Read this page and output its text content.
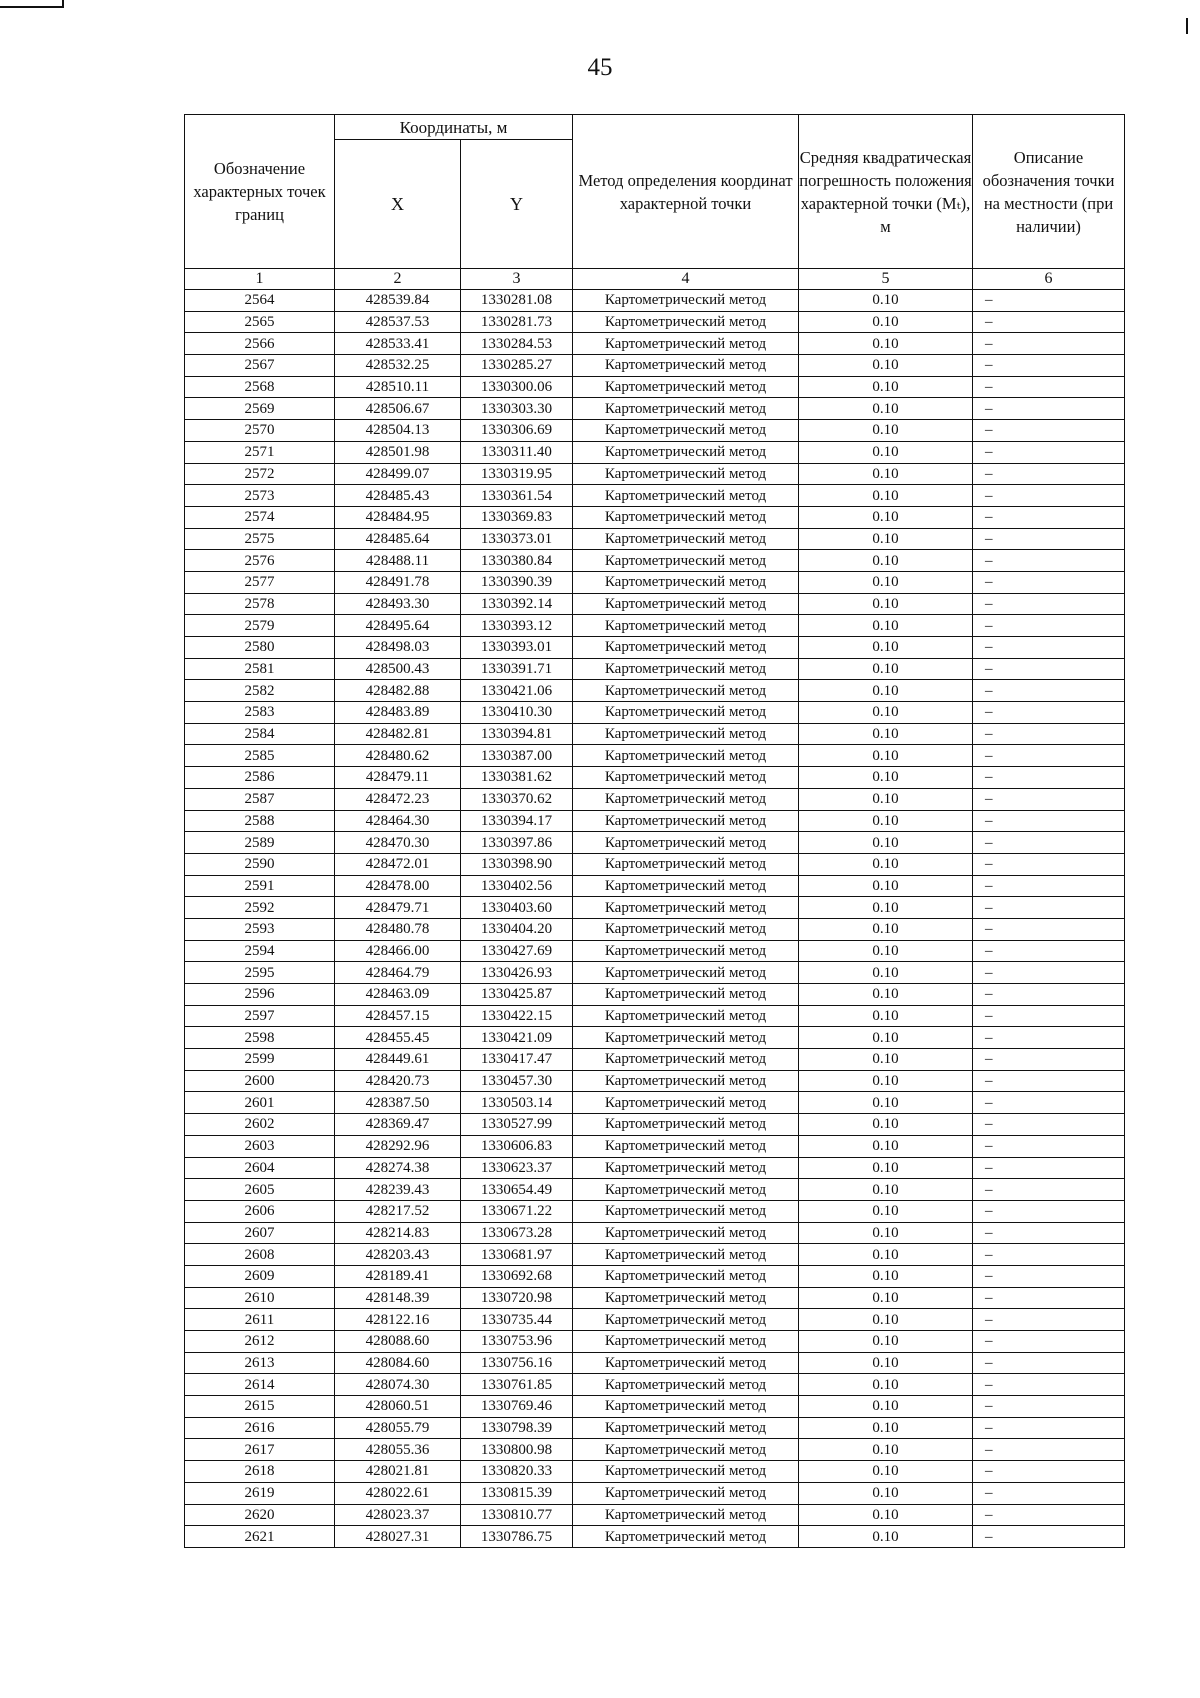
45
Обозначение характерных точек границ	Координаты, м		Метод определения координат характерной точки	Средняя квадратическая погрешность положения характерной точки (Mₜ), м	Описание обозначения точки на местности (при наличии)
	X	Y			
1	2	3	4	5	6
2564	428539.84	1330281.08	Картометрический метод	0.10	–
2565	428537.53	1330281.73	Картометрический метод	0.10	–
2566	428533.41	1330284.53	Картометрический метод	0.10	–
2567	428532.25	1330285.27	Картометрический метод	0.10	–
2568	428510.11	1330300.06	Картометрический метод	0.10	–
2569	428506.67	1330303.30	Картометрический метод	0.10	–
2570	428504.13	1330306.69	Картометрический метод	0.10	–
2571	428501.98	1330311.40	Картометрический метод	0.10	–
2572	428499.07	1330319.95	Картометрический метод	0.10	–
2573	428485.43	1330361.54	Картометрический метод	0.10	–
2574	428484.95	1330369.83	Картометрический метод	0.10	–
2575	428485.64	1330373.01	Картометрический метод	0.10	–
2576	428488.11	1330380.84	Картометрический метод	0.10	–
2577	428491.78	1330390.39	Картометрический метод	0.10	–
2578	428493.30	1330392.14	Картометрический метод	0.10	–
2579	428495.64	1330393.12	Картометрический метод	0.10	–
2580	428498.03	1330393.01	Картометрический метод	0.10	–
2581	428500.43	1330391.71	Картометрический метод	0.10	–
2582	428482.88	1330421.06	Картометрический метод	0.10	–
2583	428483.89	1330410.30	Картометрический метод	0.10	–
2584	428482.81	1330394.81	Картометрический метод	0.10	–
2585	428480.62	1330387.00	Картометрический метод	0.10	–
2586	428479.11	1330381.62	Картометрический метод	0.10	–
2587	428472.23	1330370.62	Картометрический метод	0.10	–
2588	428464.30	1330394.17	Картометрический метод	0.10	–
2589	428470.30	1330397.86	Картометрический метод	0.10	–
2590	428472.01	1330398.90	Картометрический метод	0.10	–
2591	428478.00	1330402.56	Картометрический метод	0.10	–
2592	428479.71	1330403.60	Картометрический метод	0.10	–
2593	428480.78	1330404.20	Картометрический метод	0.10	–
2594	428466.00	1330427.69	Картометрический метод	0.10	–
2595	428464.79	1330426.93	Картометрический метод	0.10	–
2596	428463.09	1330425.87	Картометрический метод	0.10	–
2597	428457.15	1330422.15	Картометрический метод	0.10	–
2598	428455.45	1330421.09	Картометрический метод	0.10	–
2599	428449.61	1330417.47	Картометрический метод	0.10	–
2600	428420.73	1330457.30	Картометрический метод	0.10	–
2601	428387.50	1330503.14	Картометрический метод	0.10	–
2602	428369.47	1330527.99	Картометрический метод	0.10	–
2603	428292.96	1330606.83	Картометрический метод	0.10	–
2604	428274.38	1330623.37	Картометрический метод	0.10	–
2605	428239.43	1330654.49	Картометрический метод	0.10	–
2606	428217.52	1330671.22	Картометрический метод	0.10	–
2607	428214.83	1330673.28	Картометрический метод	0.10	–
2608	428203.43	1330681.97	Картометрический метод	0.10	–
2609	428189.41	1330692.68	Картометрический метод	0.10	–
2610	428148.39	1330720.98	Картометрический метод	0.10	–
2611	428122.16	1330735.44	Картометрический метод	0.10	–
2612	428088.60	1330753.96	Картометрический метод	0.10	–
2613	428084.60	1330756.16	Картометрический метод	0.10	–
2614	428074.30	1330761.85	Картометрический метод	0.10	–
2615	428060.51	1330769.46	Картометрический метод	0.10	–
2616	428055.79	1330798.39	Картометрический метод	0.10	–
2617	428055.36	1330800.98	Картометрический метод	0.10	–
2618	428021.81	1330820.33	Картометрический метод	0.10	–
2619	428022.61	1330815.39	Картометрический метод	0.10	–
2620	428023.37	1330810.77	Картометрический метод	0.10	–
2621	428027.31	1330786.75	Картометрический метод	0.10	–
